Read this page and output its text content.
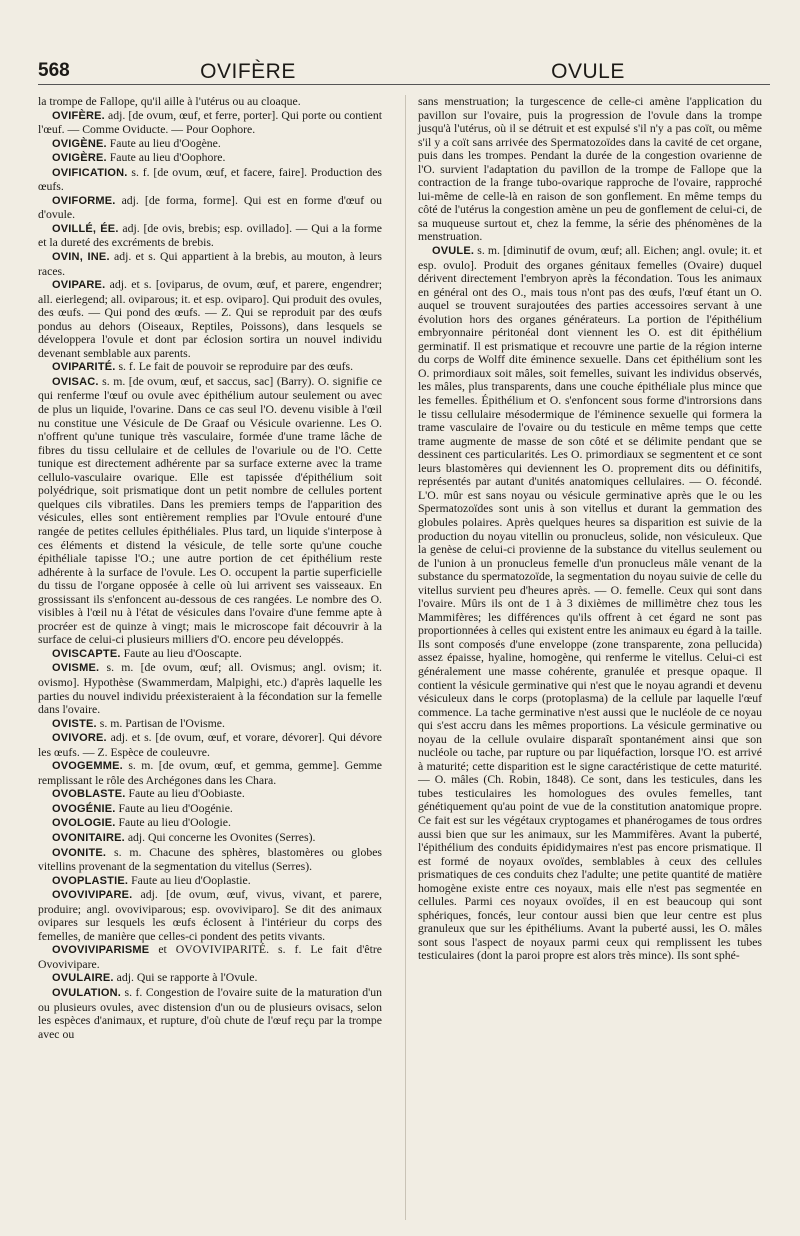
568	OVIFÈRE	OVULE

la trompe de Fallope, qu'il aille à l'utérus ou au cloaque.

OVIFÈRE. adj. [de ovum, œuf, et ferre, porter]. Qui porte ou contient l'œuf. — Comme Oviducte. — Pour Oophore.

OVIGÈNE. Faute au lieu d'Oogène.

OVIGÈRE. Faute au lieu d'Oophore.

OVIFICATION. s. f. [de ovum, œuf, et facere, faire]. Production des œufs.

OVIFORME. adj. [de forma, forme]. Qui est en forme d'œuf ou d'ovule.

OVILLÉ, ÉE. adj. [de ovis, brebis; esp. ovillado]. — Qui a la forme et la dureté des excréments de brebis.

OVIN, INE. adj. et s. Qui appartient à la brebis, au mouton, à leurs races.

OVIPARE. adj. et s. [oviparus, de ovum, œuf, et parere, engendrer; all. eierlegend; all. oviparous; it. et esp. oviparo]. Qui produit des ovules, des œufs. — Qui pond des œufs. — Z. Qui se reproduit par des œufs pondus au dehors (Oiseaux, Reptiles, Poissons), dans lesquels se développera l'ovule et dont par éclosion sortira un nouvel individu devenant semblable aux parents.

OVIPARITÉ. s. f. Le fait de pouvoir se reproduire par des œufs.

OVISAC. s. m. [de ovum, œuf, et saccus, sac] (Barry). O. signifie ce qui renferme l'œuf ou ovule avec épithélium autour seulement ou avec de plus un liquide, l'ovarine. Dans ce cas seul l'O. devenu visible à l'œil nu constitue une Vésicule de De Graaf ou Vésicule ovarienne. Les O. n'offrent qu'une tunique très vasculaire, formée d'une trame lâche de fibres du tissu cellulaire et de cellules de l'ovariule ou de l'O. Cette tunique est directement adhérente par sa surface externe avec la trame cellulo-vasculaire ovarique. Elle est tapissée d'épithélium soit polyédrique, soit prismatique dont un petit nombre de cellules portent quelques cils vibratiles. Dans les premiers temps de l'apparition des vésicules, elles sont entièrement remplies par l'Ovule entouré d'une rangée de petites cellules épithéliales. Plus tard, un liquide s'interpose à ces éléments et distend la vésicule, de telle sorte qu'une couche épithéliale tapisse l'O.; une autre portion de cet épithélium reste adhérente à la surface de l'ovule. Les O. occupent la partie superficielle du tissu de l'organe opposée à celle où lui arrivent ses vaisseaux. En grossissant ils s'enfoncent au-dessous de ces rangées. Le nombre des O. visibles à l'œil nu à l'état de vésicules dans l'ovaire d'une femme apte à procréer est de quinze à vingt; mais le microscope fait découvrir à la surface de celui-ci plusieurs milliers d'O. encore peu développés.

OVISCAPTE. Faute au lieu d'Ooscapte.

OVISME. s. m. [de ovum, œuf; all. Ovismus; angl. ovism; it. ovismo]. Hypothèse (Swammerdam, Malpighi, etc.) d'après laquelle les parties du nouvel individu préexisteraient à la fécondation sur la femelle dans l'ovaire.

OVISTE. s. m. Partisan de l'Ovisme.

OVIVORE. adj. et s. [de ovum, œuf, et vorare, dévorer]. Qui dévore les œufs. — Z. Espèce de couleuvre.

OVOGEMME. s. m. [de ovum, œuf, et gemma, gemme]. Gemme remplissant le rôle des Archégones dans les Chara.

OVOBLASTE. Faute au lieu d'Oobiaste.

OVOGÉNIE. Faute au lieu d'Oogénie.

OVOLOGIE. Faute au lieu d'Oologie.

OVONITAIRE. adj. Qui concerne les Ovonites (Serres).

OVONITE. s. m. Chacune des sphères, blastomères ou globes vitellins provenant de la segmentation du vitellus (Serres).

OVOPLASTIE. Faute au lieu d'Ooplastie.

OVOVIVIPARE. adj. [de ovum, œuf, vivus, vivant, et parere, produire; angl. ovoviviparous; esp. ovoviviparo]. Se dit des animaux ovipares sur lesquels les œufs éclosent à l'intérieur du corps des femelles, de manière que celles-ci pondent des petits vivants.

OVOVIVIPARISME et OVOVIVIPARITÉ. s. f. Le fait d'être Ovovivipare.

OVULAIRE. adj. Qui se rapporte à l'Ovule.

OVULATION. s. f. Congestion de l'ovaire suite de la maturation d'un ou plusieurs ovules, avec distension d'un ou de plusieurs ovisacs, selon les espèces d'animaux, et rupture, d'où chute de l'œuf reçu par la trompe avec ou

sans menstruation; la turgescence de celle-ci amène l'application du pavillon sur l'ovaire, puis la progression de l'ovule dans la trompe jusqu'à l'utérus, où il se détruit et est expulsé s'il n'y a pas coït, ou même s'il y a coït sans arrivée des Spermatozoïdes dans la cavité de cet organe, puis dans les trompes. Pendant la durée de la congestion ovarienne de l'O. survient l'adaptation du pavillon de la trompe de Fallope que la contraction de la frange tubo-ovarique rapproche de l'ovaire, rapproché lui-même de celle-là en raison de son gonflement. En même temps du côté de l'utérus la congestion amène un peu de gonflement de celui-ci, de sa muqueuse surtout et, chez la femme, la série des phénomènes de la menstruation.

OVULE. s. m. [diminutif de ovum, œuf; all. Eichen; angl. ovule; it. et esp. ovulo]. Produit des organes génitaux femelles (Ovaire) duquel dérivent directement l'embryon après la fécondation. Tous les animaux en général ont des O., mais tous n'ont pas des œufs, l'œuf étant un O. auquel se trouvent surajoutées des parties accessoires servant à une évolution hors des organes générateurs. La portion de l'épithélium embryonnaire péritonéal dont viennent les O. est dit épithélium germinatif. Il est prismatique et recouvre une partie de la région interne du corps de Wolff dite éminence sexuelle. Dans cet épithélium sont les O. primordiaux soit mâles, soit femelles, suivant les individus observés, les mâles, plus transparents, dans une couche épithéliale plus mince que les femelles. Épithélium et O. s'enfoncent sous forme d'introrsions dans le tissu cellulaire mésodermique de l'éminence sexuelle qui formera la trame vasculaire de l'ovaire ou du testicule en même temps que cette trame augmente de masse de son côté et se délimite pendant que se dessinent ces particularités. Les O. primordiaux se segmentent et ce sont leurs blastomères qui deviennent les O. proprement dits ou définitifs, représentés par autant d'unités anatomiques cellulaires. — O. fécondé. L'O. mûr est sans noyau ou vésicule germinative après que le ou les Spermatozoïdes sont unis à son vitellus et durant la gemmation des globules polaires. Après quelques heures sa disparition est suivie de la production du noyau vitellin ou pronucleus, solide, non vésiculeux. Que la genèse de celui-ci provienne de la substance du vitellus seulement ou de l'union à un pronucleus femelle d'un pronucleus mâle venant de la substance du spermatozoïde, la segmentation du noyau suivie de celle du vitellus survient peu d'heures après. — O. femelle. Ceux qui sont dans l'ovaire. Mûrs ils ont de 1 à 3 dixièmes de millimètre chez tous les Mammifères; les différences qu'ils offrent à cet égard ne sont pas proportionnées à celles qui existent entre les animaux eu égard à la taille. Ils sont composés d'une enveloppe (zone transparente, zona pellucida) assez épaisse, hyaline, homogène, qui renferme le vitellus. Celui-ci est généralement une masse cohérente, granulée et presque opaque. Il contient la vésicule germinative qui n'est que le noyau agrandi et devenu vésiculeux dans le corps (protoplasma) de la cellule par laquelle l'œuf commence. La tache germinative n'est aussi que le nucléole de ce noyau qui s'est accru dans les mêmes proportions. La vésicule germinative ou noyau de la cellule ovulaire disparaît spontanément ainsi que son nucléole ou tache, par rupture ou par liquéfaction, lorsque l'O. est arrivé à maturité; cette disparition est le signe caractéristique de cette maturité. — O. mâles (Ch. Robin, 1848). Ce sont, dans les testicules, dans les tubes testiculaires les homologues des ovules femelles, tant génétiquement qu'au point de vue de la constitution anatomique propre. Ce fait est sur les végétaux cryptogames et phanérogames de tous ordres aussi bien que sur les animaux, sur les Mammifères. Avant la puberté, l'épithélium des conduits épididymaires n'est pas encore prismatique. Il est formé de noyaux ovoïdes, semblables à ceux des cellules prismatiques de ces conduits chez l'adulte; une petite quantité de matière homogène existe entre ces noyaux, mais elle n'est pas segmentée en cellules. Parmi ces noyaux ovoïdes, il en est beaucoup qui sont sphériques, foncés, leur contour aussi bien que leur centre est plus granuleux que sur les épithéliums. Avant la puberté aussi, les O. mâles sont sous l'aspect de noyaux parmi ceux qui remplissent les tubes testiculaires (dont la paroi propre est alors très mince). Ils sont sphé-
